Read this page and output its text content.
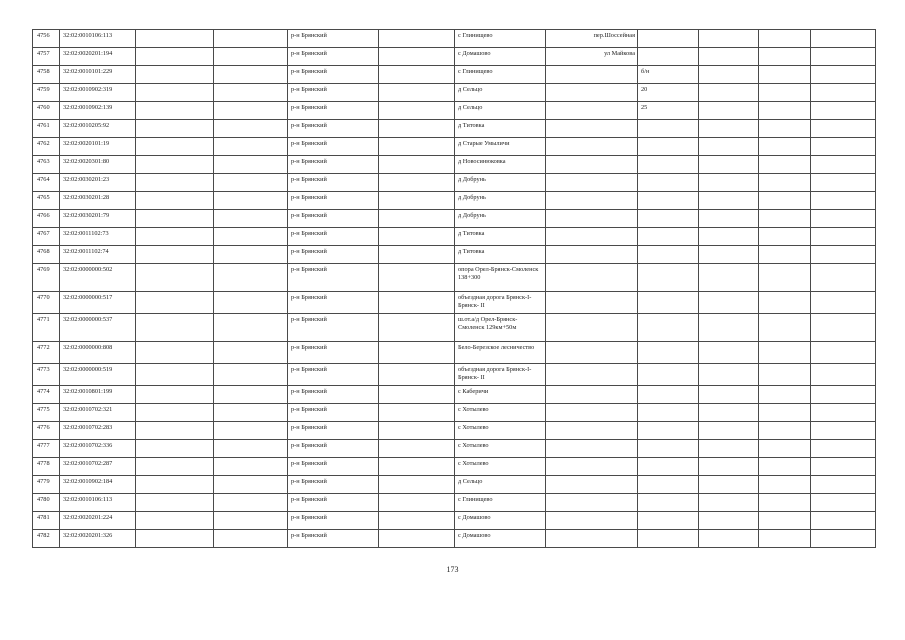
4756	32:02:0010106:113			р-н Брянский		с Глинищево	пер.Шоссейная				
4757	32:02:0020201:194			р-н Брянский		с Домашово	ул Майкова				
4758	32:02:0010101:229			р-н Брянский		с Глинищево		б/н			
4759	32:02:0010902:319			р-н Брянский		д Сельцо		20			
4760	32:02:0010902:139			р-н Брянский		д Сельцо		25			
4761	32:02:0010205:92			р-н Брянский		д Титовка					
4762	32:02:0020101:19			р-н Брянский		д Старые Умыличи					
4763	32:02:0020301:80			р-н Брянский		д Новосинюковка					
4764	32:02:0030201:23			р-н Брянский		д Добрунь					
4765	32:02:0030201:28			р-н Брянский		д Добрунь					
4766	32:02:0030201:79			р-н Брянский		д Добрунь					
4767	32:02:0011102:73			р-н Брянский		д Титовка					
4768	32:02:0011102:74			р-н Брянский		д Титовка					
4769	32:02:0000000:502			р-н Брянский		опора Орел-Брянск-Смоленск 138+300					
4770	32:02:0000000:517			р-н Брянский		объездная дорога Брянск-I- Брянск- II					
4771	32:02:0000000:537			р-н Брянский		ш.от.а/д Орел-Брянск-Смоленск 129км+50м					
4772	32:02:0000000:808			р-н Брянский		Бело-Березское лесничество					
4773	32:02:0000000:519			р-н Брянский		объездная дорога Брянск-I- Брянск- II					
4774	32:02:0010801:199			р-н Брянский		с Каберичи					
4775	32:02:0010702:321			р-н Брянский		с Хотылево					
4776	32:02:0010702:283			р-н Брянский		с Хотылево					
4777	32:02:0010702:336			р-н Брянский		с Хотылево					
4778	32:02:0010702:287			р-н Брянский		с Хотылево					
4779	32:02:0010902:184			р-н Брянский		д Сельцо					
4780	32:02:0010106:113			р-н Брянский		с Глинищево					
4781	32:02:0020201:224			р-н Брянский		с Домашово					
4782	32:02:0020201:326			р-н Брянский		с Домашово					
173
